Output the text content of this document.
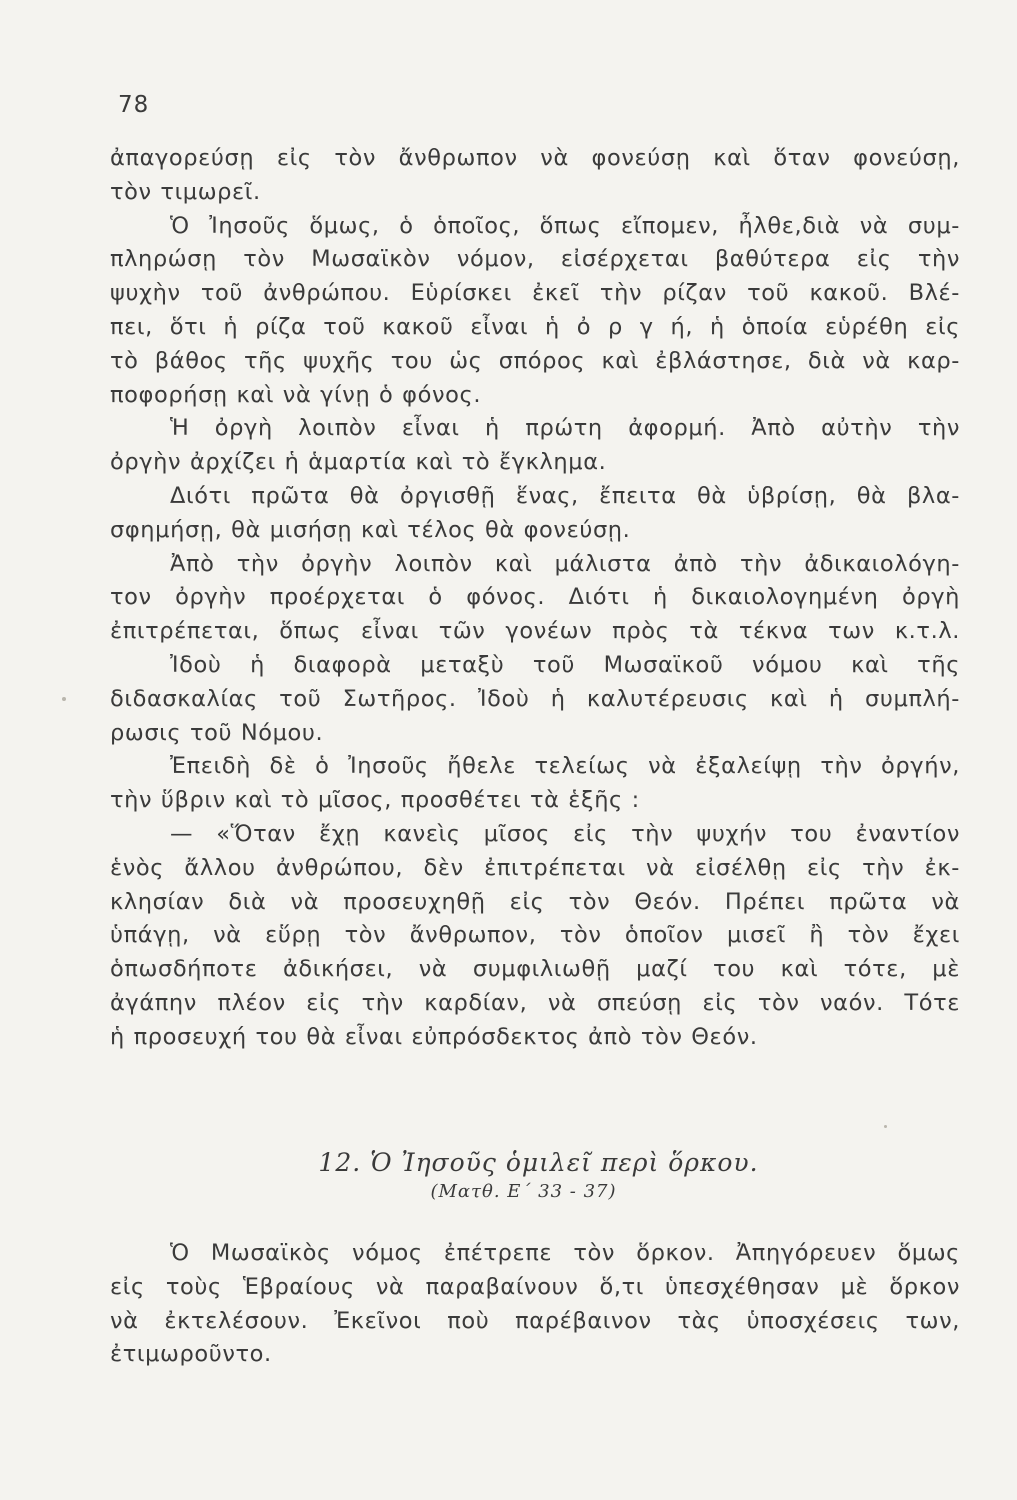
78
ἀπαγορεύσῃ εἰς τὸν ἄνθρωπον νὰ φονεύσῃ καὶ ὅταν φονεύσῃ,
τὸν τιμωρεῖ.
Ὁ Ἰησοῦς ὅμως, ὁ ὁποῖος, ὅπως εἴπομεν, ἦλθε,διὰ νὰ συμ-
πληρώσῃ τὸν Μωσαϊκὸν νόμον, εἰσέρχεται βαθύτερα εἰς τὴν
ψυχὴν τοῦ ἀνθρώπου. Εὑρίσκει ἐκεῖ τὴν ρίζαν τοῦ κακοῦ. Βλέ-
πει, ὅτι ἡ ρίζα τοῦ κακοῦ εἶναι ἡ ὀ ρ γ ή, ἡ ὁποία εὑρέθη εἰς
τὸ βάθος τῆς ψυχῆς του ὡς σπόρος καὶ ἐβλάστησε, διὰ νὰ καρ-
ποφορήσῃ καὶ νὰ γίνῃ ὁ φόνος.
Ἡ ὀργὴ λοιπὸν εἶναι ἡ πρώτη ἀφορμή. Ἀπὸ αὐτὴν τὴν
ὀργὴν ἀρχίζει ἡ ἁμαρτία καὶ τὸ ἔγκλημα.
Διότι πρῶτα θὰ ὀργισθῇ ἕνας, ἔπειτα θὰ ὑβρίσῃ, θὰ βλα-
σφημήσῃ, θὰ μισήσῃ καὶ τέλος θὰ φονεύσῃ.
Ἀπὸ τὴν ὀργὴν λοιπὸν καὶ μάλιστα ἀπὸ τὴν ἀδικαιολόγη-
τον ὀργὴν προέρχεται ὁ φόνος. Διότι ἡ δικαιολογημένη ὀργὴ
ἐπιτρέπεται, ὅπως εἶναι τῶν γονέων πρὸς τὰ τέκνα των κ.τ.λ.
Ἰδοὺ ἡ διαφορὰ μεταξὺ τοῦ Μωσαϊκοῦ νόμου καὶ τῆς
διδασκαλίας τοῦ Σωτῆρος. Ἰδοὺ ἡ καλυτέρευσις καὶ ἡ συμπλή-
ρωσις τοῦ Νόμου.
Ἐπειδὴ δὲ ὁ Ἰησοῦς ἤθελε τελείως νὰ ἐξαλείψῃ τὴν ὀργήν,
τὴν ὕβριν καὶ τὸ μῖσος, προσθέτει τὰ ἑξῆς :
— «Ὅταν ἔχῃ κανεὶς μῖσος εἰς τὴν ψυχήν του ἐναντίον
ἑνὸς ἄλλου ἀνθρώπου, δὲν ἐπιτρέπεται νὰ εἰσέλθῃ εἰς τὴν ἐκ-
κλησίαν διὰ νὰ προσευχηθῇ εἰς τὸν Θεόν. Πρέπει πρῶτα νὰ
ὑπάγῃ, νὰ εὕρῃ τὸν ἄνθρωπον, τὸν ὁποῖον μισεῖ ἢ τὸν ἔχει
ὁπωσδήποτε ἀδικήσει, νὰ συμφιλιωθῇ μαζί του καὶ τότε, μὲ
ἀγάπην πλέον εἰς τὴν καρδίαν, νὰ σπεύσῃ εἰς τὸν ναόν. Τότε
ἡ προσευχή του θὰ εἶναι εὐπρόσδεκτος ἀπὸ τὸν Θεόν.
12. Ὁ Ἰησοῦς ὁμιλεῖ περὶ ὅρκου.
(Ματθ. Ε´ 33 - 37)
Ὁ Μωσαϊκὸς νόμος ἐπέτρεπε τὸν ὅρκον. Ἀπηγόρευεν ὅμως
εἰς τοὺς Ἑβραίους νὰ παραβαίνουν ὅ,τι ὑπεσχέθησαν μὲ ὅρκον
νὰ ἐκτελέσουν. Ἐκεῖνοι ποὺ παρέβαινον τὰς ὑποσχέσεις των,
ἐτιμωροῦντο.
